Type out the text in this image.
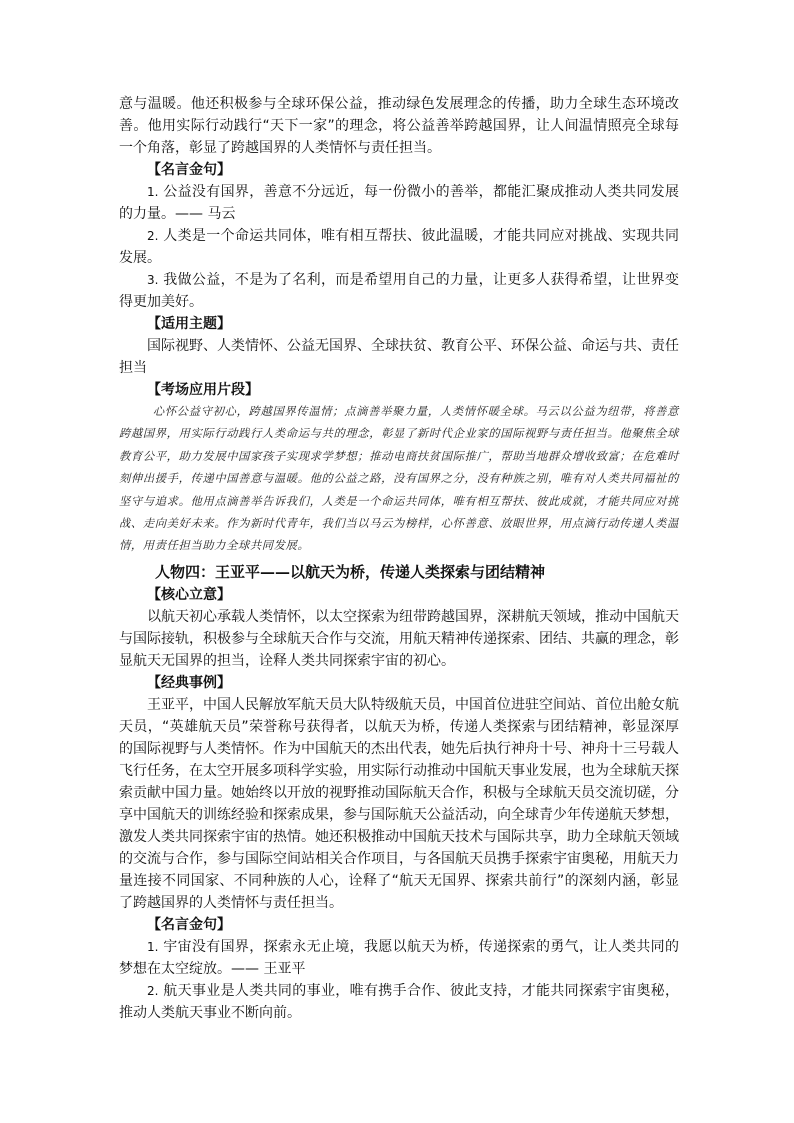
意与温暖。他还积极参与全球环保公益，推动绿色发展理念的传播，助力全球生态环境改善。他用实际行动践行“天下一家”的理念，将公益善举跨越国界，让人间温情照亮全球每一个角落，彰显了跨越国界的人类情怀与责任担当。

【名言金句】

1. 公益没有国界，善意不分远近，每一份微小的善举，都能汇聚成推动人类共同发展的力量。—— 马云

2. 人类是一个命运共同体，唯有相互帮扶、彼此温暖，才能共同应对挑战、实现共同发展。

3. 我做公益，不是为了名利，而是希望用自己的力量，让更多人获得希望，让世界变得更加美好。

【适用主题】

国际视野、人类情怀、公益无国界、全球扶贫、教育公平、环保公益、命运与共、责任担当

【考场应用片段】

心怀公益守初心，跨越国界传温情；点滴善举聚力量，人类情怀暖全球。马云以公益为纽带，将善意跨越国界，用实际行动践行人类命运与共的理念，彰显了新时代企业家的国际视野与责任担当。他聚焦全球教育公平，助力发展中国家孩子实现求学梦想；推动电商扶贫国际推广，帮助当地群众增收致富；在危难时刻伸出援手，传递中国善意与温暖。他的公益之路，没有国界之分，没有种族之别，唯有对人类共同福祉的坚守与追求。他用点滴善举告诉我们，人类是一个命运共同体，唯有相互帮扶、彼此成就，才能共同应对挑战、走向美好未来。作为新时代青年，我们当以马云为榜样，心怀善意、放眼世界，用点滴行动传递人类温情，用责任担当助力全球共同发展。

人物四：王亚平——以航天为桥，传递人类探索与团结精神

【核心立意】

以航天初心承载人类情怀，以太空探索为纽带跨越国界，深耕航天领域，推动中国航天与国际接轨，积极参与全球航天合作与交流，用航天精神传递探索、团结、共赢的理念，彰显航天无国界的担当，诠释人类共同探索宇宙的初心。

【经典事例】

王亚平，中国人民解放军航天员大队特级航天员，中国首位进驻空间站、首位出舱女航天员，“英雄航天员”荣誉称号获得者，以航天为桥，传递人类探索与团结精神，彰显深厚的国际视野与人类情怀。作为中国航天的杰出代表，她先后执行神舟十号、神舟十三号载人飞行任务，在太空开展多项科学实验，用实际行动推动中国航天事业发展，也为全球航天探索贡献中国力量。她始终以开放的视野推动国际航天合作，积极与全球航天员交流切磋，分享中国航天的训练经验和探索成果，参与国际航天公益活动，向全球青少年传递航天梦想，激发人类共同探索宇宙的热情。她还积极推动中国航天技术与国际共享，助力全球航天领域的交流与合作，参与国际空间站相关合作项目，与各国航天员携手探索宇宙奥秘，用航天力量连接不同国家、不同种族的人心，诠释了“航天无国界、探索共前行”的深刻内涵，彰显了跨越国界的人类情怀与责任担当。

【名言金句】

1. 宇宙没有国界，探索永无止境，我愿以航天为桥，传递探索的勇气，让人类共同的梦想在太空绽放。—— 王亚平

2. 航天事业是人类共同的事业，唯有携手合作、彼此支持，才能共同探索宇宙奥秘，推动人类航天事业不断向前。
